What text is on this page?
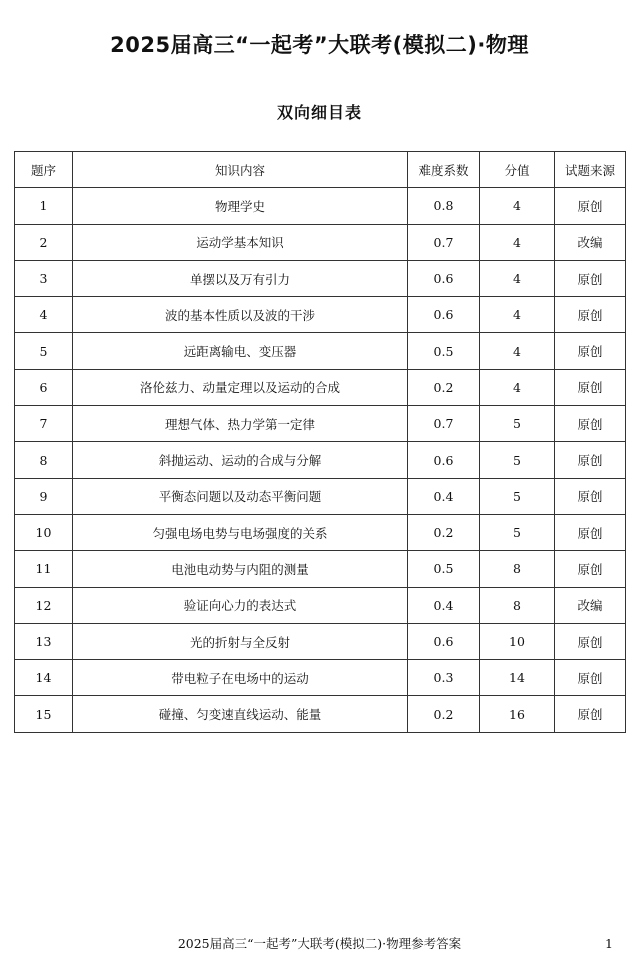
2025届高三“一起考”大联考(模拟二)·物理
双向细目表
题序	知识内容	难度系数	分值	试题来源
1	物理学史	0.8	4	原创
2	运动学基本知识	0.7	4	改编
3	单摆以及万有引力	0.6	4	原创
4	波的基本性质以及波的干涉	0.6	4	原创
5	远距离输电、变压器	0.5	4	原创
6	洛伦兹力、动量定理以及运动的合成	0.2	4	原创
7	理想气体、热力学第一定律	0.7	5	原创
8	斜抛运动、运动的合成与分解	0.6	5	原创
9	平衡态问题以及动态平衡问题	0.4	5	原创
10	匀强电场电势与电场强度的关系	0.2	5	原创
11	电池电动势与内阻的测量	0.5	8	原创
12	验证向心力的表达式	0.4	8	改编
13	光的折射与全反射	0.6	10	原创
14	带电粒子在电场中的运动	0.3	14	原创
15	碰撞、匀变速直线运动、能量	0.2	16	原创
2025届高三“一起考”大联考(模拟二)·物理参考答案	1
